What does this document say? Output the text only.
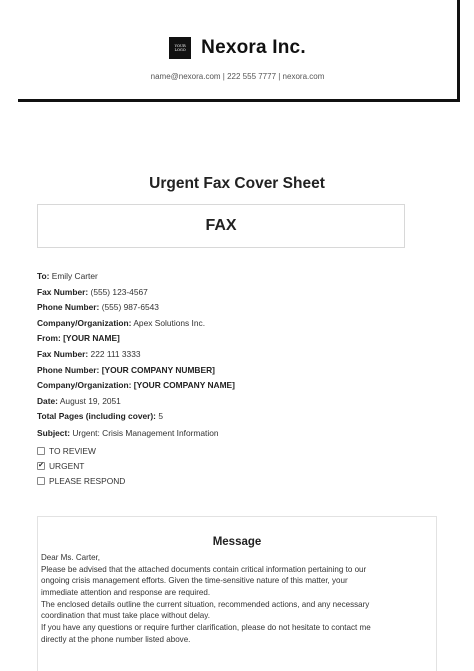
YOUR
LOGO Nexora Inc.
name@nexora.com | 222 555 7777 | nexora.com
Urgent Fax Cover Sheet
FAX
To: Emily Carter
Fax Number: (555) 123-4567
Phone Number: (555) 987-6543
Company/Organization: Apex Solutions Inc.
From: [YOUR NAME]
Fax Number: 222 111 3333
Phone Number: [YOUR COMPANY NUMBER]
Company/Organization: [YOUR COMPANY NAME]
Date: August 19, 2051
Total Pages (including cover): 5
Subject: Urgent: Crisis Management Information
TO REVIEW
✔ URGENT
PLEASE RESPOND
Message
Dear Ms. Carter,
Please be advised that the attached documents contain critical information pertaining to our
ongoing crisis management efforts. Given the time-sensitive nature of this matter, your
immediate attention and response are required.
The enclosed details outline the current situation, recommended actions, and any necessary
coordination that must take place without delay.
If you have any questions or require further clarification, please do not hesitate to contact me
directly at the phone number listed above.
